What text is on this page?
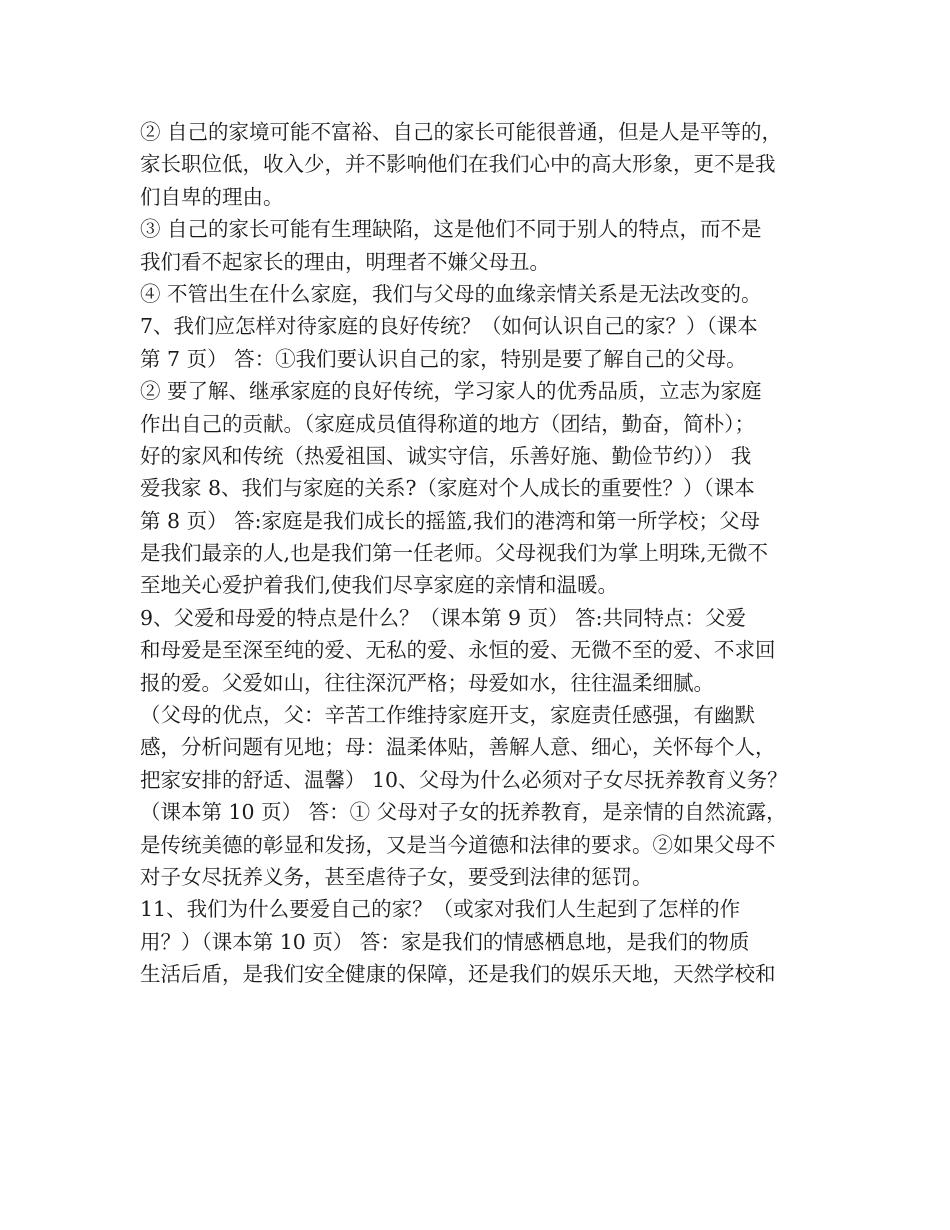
② 自己的家境可能不富裕、自己的家长可能很普通，但是人是平等的，
家长职位低，收入少，并不影响他们在我们心中的高大形象，更不是我
们自卑的理由。
③ 自己的家长可能有生理缺陷，这是他们不同于别人的特点，而不是
我们看不起家长的理由，明理者不嫌父母丑。
④ 不管出生在什么家庭，我们与父母的血缘亲情关系是无法改变的。
7、我们应怎样对待家庭的良好传统？（如何认识自己的家？）（课本
第 7 页） 答：①我们要认识自己的家，特别是要了解自己的父母。
② 要了解、继承家庭的良好传统，学习家人的优秀品质，立志为家庭
作出自己的贡献。（家庭成员值得称道的地方（团结，勤奋，简朴）；
好的家风和传统（热爱祖国、诚实守信，乐善好施、勤俭节约）） 我
爱我家 8、我们与家庭的关系?（家庭对个人成长的重要性？）（课本
第 8 页） 答:家庭是我们成长的摇篮,我们的港湾和第一所学校；父母
是我们最亲的人,也是我们第一任老师。父母视我们为掌上明珠,无微不
至地关心爱护着我们,使我们尽享家庭的亲情和温暖。
9、父爱和母爱的特点是什么？（课本第 9 页） 答:共同特点：父爱
和母爱是至深至纯的爱、无私的爱、永恒的爱、无微不至的爱、不求回
报的爱。父爱如山，往往深沉严格；母爱如水，往往温柔细腻。
（父母的优点，父：辛苦工作维持家庭开支，家庭责任感强，有幽默
感，分析问题有见地；母：温柔体贴，善解人意、细心，关怀每个人，
把家安排的舒适、温馨） 10、父母为什么必须对子女尽抚养教育义务？
（课本第 10 页） 答：① 父母对子女的抚养教育，是亲情的自然流露，
是传统美德的彰显和发扬，又是当今道德和法律的要求。②如果父母不
对子女尽抚养义务，甚至虐待子女，要受到法律的惩罚。
11、我们为什么要爱自己的家？（或家对我们人生起到了怎样的作
用？）（课本第 10 页） 答：家是我们的情感栖息地，是我们的物质
生活后盾，是我们安全健康的保障，还是我们的娱乐天地，天然学校和
